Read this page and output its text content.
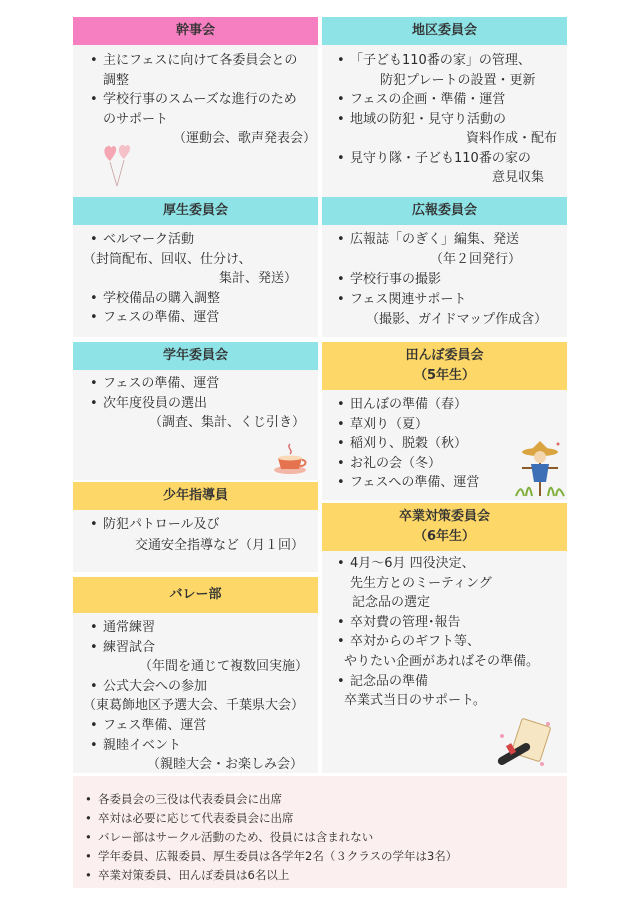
幹事会
• 主にフェスに向けて各委員会との
調整
• 学校行事のスムーズな進行のため
のサポート
（運動会、歌声発表会）
厚生委員会
• ベルマーク活動
（封筒配布、回収、仕分け、
集計、発送）
• 学校備品の購入調整
• フェスの準備、運営
学年委員会
• フェスの準備、運営
• 次年度役員の選出
（調査、集計、くじ引き）
少年指導員
• 防犯パトロール及び
交通安全指導など（月１回）
バレー部
• 通常練習
• 練習試合
（年間を通じて複数回実施）
• 公式大会への参加
（東葛飾地区予選大会、千葉県大会）
• フェス準備、運営
• 親睦イベント
（親睦大会・お楽しみ会）
地区委員会
• 「子ども110番の家」の管理、
防犯プレートの設置・更新
• フェスの企画・準備・運営
• 地域の防犯・見守り活動の
資料作成・配布
• 見守り隊・子ども110番の家の
意見収集
広報委員会
• 広報誌「のぎく」編集、発送
（年２回発行）
• 学校行事の撮影
• フェス関連サポート
（撮影、ガイドマップ作成含）
田んぼ委員会
（5年生）
• 田んぼの準備（春）
• 草刈り（夏）
• 稲刈り、脱穀（秋）
• お礼の会（冬）
• フェスへの準備、運営
卒業対策委員会
（6年生）
• 4月～6月 四役決定、
先生方とのミーティング
記念品の選定
• 卒対費の管理･報告
• 卒対からのギフト等、
やりたい企画があればその準備。
• 記念品の準備
卒業式当日のサポート。
• 各委員会の三役は代表委員会に出席
• 卒対は必要に応じて代表委員会に出席
• バレー部はサークル活動のため、役員には含まれない
• 学年委員、広報委員、厚生委員は各学年2名（３クラスの学年は3名）
• 卒業対策委員、田んぼ委員は6名以上
